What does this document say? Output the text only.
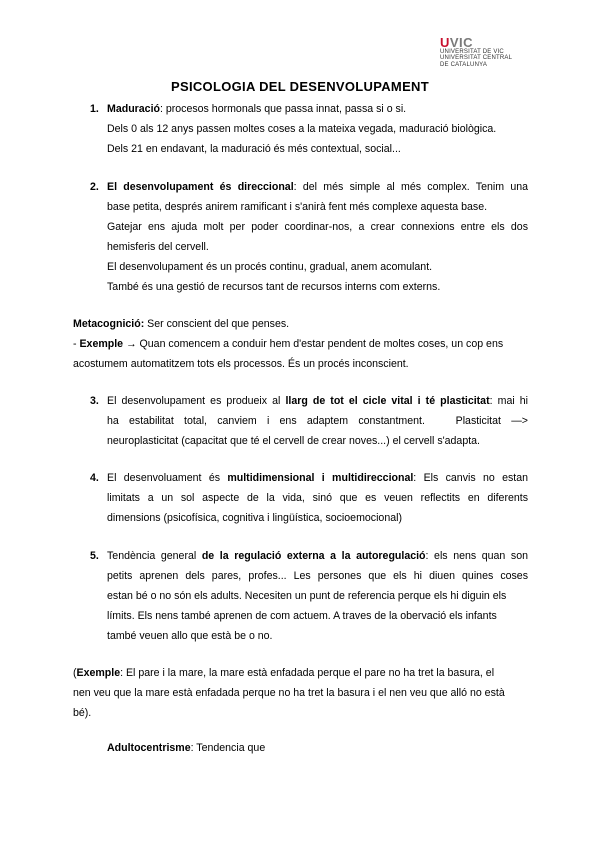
UVIC
UNIVERSITAT DE VIC
UNIVERSITAT CENTRAL
DE CATALUNYA
PSICOLOGIA DEL DESENVOLUPAMENT
1. Maduració: procesos hormonals que passa innat, passa si o si.
Dels 0 als 12 anys passen moltes coses a la mateixa vegada, maduració biològica.
Dels 21 en endavant, la maduració és més contextual, social...
2. El desenvolupament és direccional: del més simple al més complex. Tenim una
base petita, després anirem ramificant i s'anirà fent més complexe aquesta base.
Gatejar ens ajuda molt per poder coordinar-nos, a crear connexions entre els dos
hemisferis del cervell.
El desenvolupament és un procés continu, gradual, anem acomulant.
També és una gestió de recursos tant de recursos interns com externs.
Metacognició: Ser conscient del que penses.
- Exemple → Quan comencem a conduir hem d'estar pendent de moltes coses, un cop ens
acostumem automatitzem tots els processos. És un procés inconscient.
3. El desenvolupament es produeix al llarg de tot el cicle vital i té plasticitat: mai hi
ha estabilitat total, canviem i ens adaptem constantment.   Plasticitat —>
neuroplasticitat (capacitat que té el cervell de crear noves...) el cervell s'adapta.
4. El desenvoluament és multidimensional i multidireccional: Els canvis no estan
limitats a un sol aspecte de la vida, sinó que es veuen reflectits en diferents
dimensions (psicofísica, cognitiva i lingüística, socioemocional)
5. Tendència general de la regulació externa a la autoregulació: els nens quan son
petits aprenen dels pares, profes... Les persones que els hi diuen quines coses
estan bé o no són els adults. Necesiten un punt de referencia perque els hi diguin els
límits. Els nens també aprenen de com actuem. A traves de la obervació els infants
també veuen allo que està be o no.
(Exemple: El pare i la mare, la mare està enfadada perque el pare no ha tret la basura, el
nen veu que la mare està enfadada perque no ha tret la basura i el nen veu que alló no està
bé).
Adultocentrisme: Tendencia que
